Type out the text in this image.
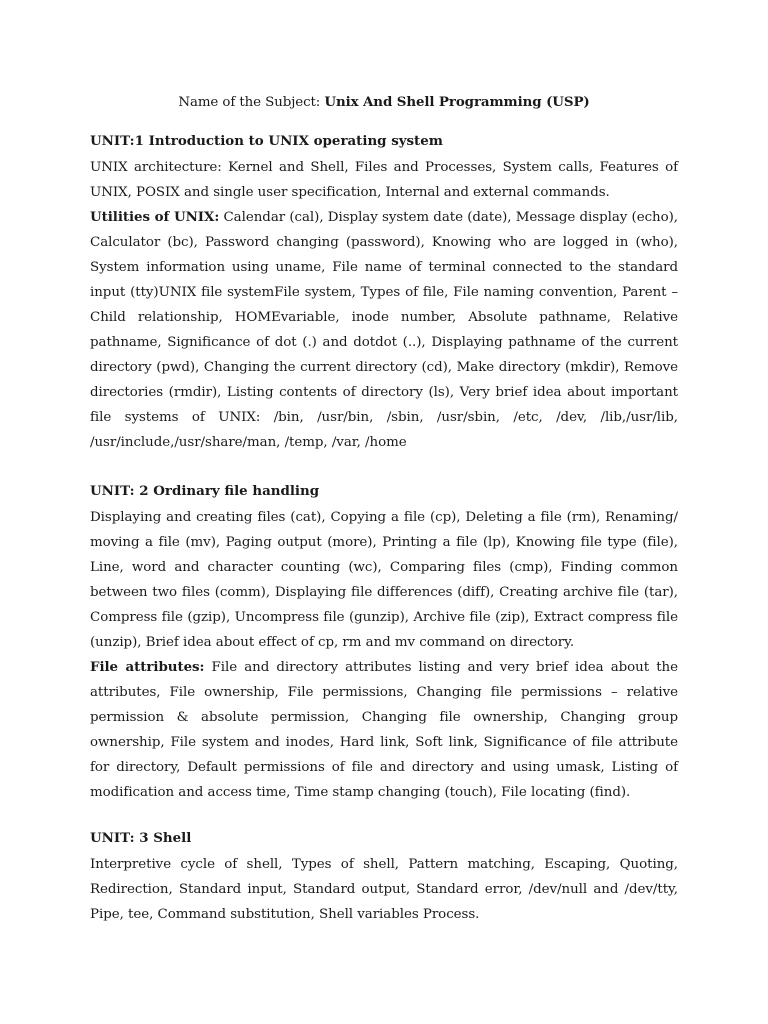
Name of the Subject: Unix And Shell Programming (USP)
UNIT:1 Introduction to UNIX operating system

UNIX architecture: Kernel and Shell, Files and Processes, System calls, Features of UNIX, POSIX and single user specification, Internal and external commands.

Utilities of UNIX: Calendar (cal), Display system date (date), Message display (echo), Calculator (bc), Password changing (password), Knowing who are logged in (who), System information using uname, File name of terminal connected to the standard input (tty)UNIX file systemFile system, Types of file, File naming convention, Parent – Child relationship, HOMEvariable, inode number, Absolute pathname, Relative pathname, Significance of dot (.) and dotdot (..), Displaying pathname of the current directory (pwd), Changing the current directory (cd), Make directory (mkdir), Remove directories (rmdir), Listing contents of directory (ls), Very brief idea about important file systems of UNIX: /bin, /usr/bin, /sbin, /usr/sbin, /etc, /dev, /lib,/usr/lib, /usr/include,/usr/share/man, /temp, /var, /home

UNIT: 2 Ordinary file handling

Displaying and creating files (cat), Copying a file (cp), Deleting a file (rm), Renaming/ moving a file (mv), Paging output (more), Printing a file (lp), Knowing file type (file), Line, word and character counting (wc), Comparing files (cmp), Finding common between two files (comm), Displaying file differences (diff), Creating archive file (tar), Compress file (gzip), Uncompress file (gunzip), Archive file (zip), Extract compress file (unzip), Brief idea about effect of cp, rm and mv command on directory.

File attributes: File and directory attributes listing and very brief idea about the attributes, File ownership, File permissions, Changing file permissions – relative permission & absolute permission, Changing file ownership, Changing group ownership, File system and inodes, Hard link, Soft link, Significance of file attribute for directory, Default permissions of file and directory and using umask, Listing of modification and access time, Time stamp changing (touch), File locating (find).

UNIT: 3 Shell

Interpretive cycle of shell, Types of shell, Pattern matching, Escaping, Quoting, Redirection, Standard input, Standard output, Standard error, /dev/null and /dev/tty, Pipe, tee, Command substitution, Shell variables Process.
